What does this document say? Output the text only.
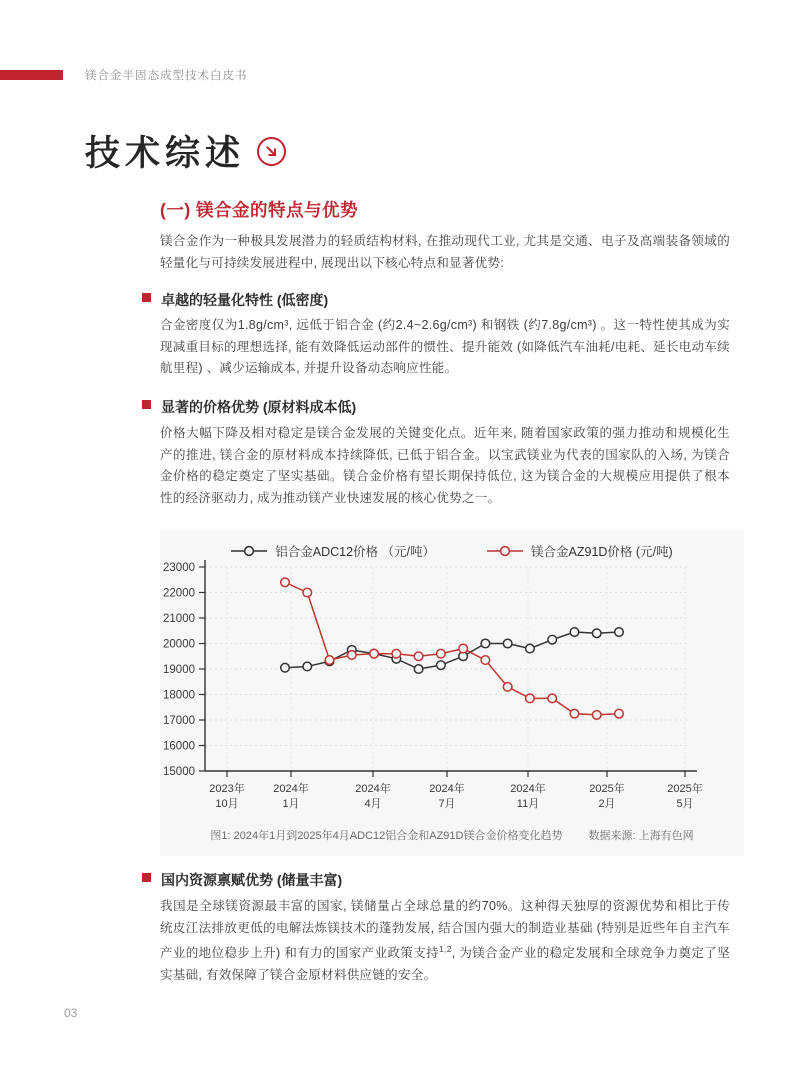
镁合金半固态成型技术白皮书
技术综述
(一) 镁合金的特点与优势
镁合金作为一种极具发展潜力的轻质结构材料, 在推动现代工业, 尤其是交通、电子及高端装备领域的轻量化与可持续发展进程中, 展现出以下核心特点和显著优势:
卓越的轻量化特性 (低密度)
合金密度仅为1.8g/cm³, 远低于铝合金 (约2.4~2.6g/cm³) 和钢铁 (约7.8g/cm³) 。这一特性使其成为实现减重目标的理想选择, 能有效降低运动部件的惯性、提升能效 (如降低汽车油耗/电耗、延长电动车续航里程) 、减少运输成本, 并提升设备动态响应性能。
显著的价格优势 (原材料成本低)
价格大幅下降及相对稳定是镁合金发展的关键变化点。近年来, 随着国家政策的强力推动和规模化生产的推进, 镁合金的原材料成本持续降低, 已低于铝合金。以宝武镁业为代表的国家队的入场, 为镁合金价格的稳定奠定了坚实基础。镁合金价格有望长期保持低位, 这为镁合金的大规模应用提供了根本性的经济驱动力, 成为推动镁产业快速发展的核心优势之一。
15000
16000
17000
18000
19000
20000
21000
22000
23000
2023年 10月
2024年 1月
2024年 4月
2024年 7月
2024年 11月
2025年 2月
2025年 5月
铝合金ADC12价格 （元/吨）	镁合金AZ91D价格 (元/吨)
图1: 2024年1月到2025年4月ADC12铝合金和AZ91D镁合金价格变化趋势 数据来源: 上海有色网
国内资源禀赋优势 (储量丰富)
我国是全球镁资源最丰富的国家, 镁储量占全球总量的约70%。这种得天独厚的资源优势和相比于传统皮江法排放更低的电解法炼镁技术的蓬勃发展, 结合国内强大的制造业基础 (特别是近些年自主汽车产业的地位稳步上升) 和有力的国家产业政策支持$^{1,2}$, 为镁合金产业的稳定发展和全球竞争力奠定了坚实基础, 有效保障了镁合金原材料供应链的安全。
03
